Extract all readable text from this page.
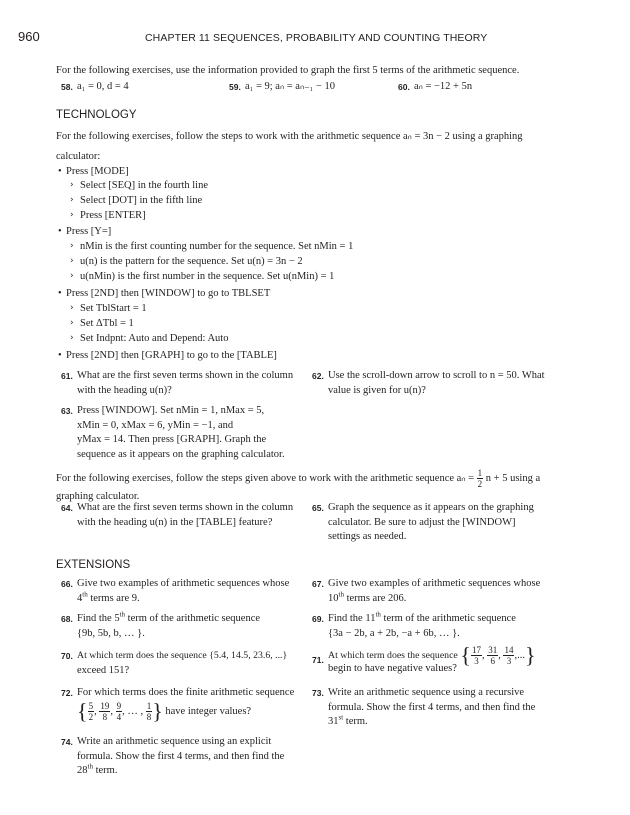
960	CHAPTER 11 SEQUENCES, PROBABILITY AND COUNTING THEORY
For the following exercises, use the information provided to graph the first 5 terms of the arithmetic sequence.
58. a₁ = 0, d = 4	59. a₁ = 9; aₙ = aₙ₋₁ − 10	60. aₙ = −12 + 5n
TECHNOLOGY
For the following exercises, follow the steps to work with the arithmetic sequence aₙ = 3n − 2 using a graphing
calculator:
• Press [MODE]
› Select [SEQ] in the fourth line
› Select [DOT] in the fifth line
› Press [ENTER]
• Press [Y=]
› nMin is the first counting number for the sequence. Set nMin = 1
› u(n) is the pattern for the sequence. Set u(n) = 3n − 2
› u(nMin) is the first number in the sequence. Set u(nMin) = 1
• Press [2ND] then [WINDOW] to go to TBLSET
› Set TblStart = 1
› Set ΔTbl = 1
› Set Indpnt: Auto and Depend: Auto
• Press [2ND] then [GRAPH] to go to the [TABLE]
61. What are the first seven terms shown in the column
with the heading u(n)?
62. Use the scroll-down arrow to scroll to n = 50. What
value is given for u(n)?
63. Press [WINDOW]. Set nMin = 1, nMax = 5,
xMin = 0, xMax = 6, yMin = −1, and
yMax = 14. Then press [GRAPH]. Graph the
sequence as it appears on the graphing calculator.
For the following exercises, follow the steps given above to work with the arithmetic sequence $a_n = \frac{1}{2}$ n + 5 using a
graphing calculator.
64. What are the first seven terms shown in the column
with the heading u(n) in the [TABLE] feature?
65. Graph the sequence as it appears on the graphing
calculator. Be sure to adjust the [WINDOW]
settings as needed.
EXTENSIONS
66. Give two examples of arithmetic sequences whose
4th terms are 9.
67. Give two examples of arithmetic sequences whose
10th terms are 206.
68. Find the 5th term of the arithmetic sequence
{9b, 5b, b, … }.
69. Find the 11th term of the arithmetic sequence
{3a − 2b, a + 2b, −a + 6b, … }.
70. At which term does the sequence {5.4, 14.5, 23.6, ...}
exceed 151?
71. At which term does the sequence { $\frac{17}{3}$ , $\frac{31}{6}$ , $\frac{14}{3}$ ,...}
begin to have negative values?
72. For which terms does the finite arithmetic sequence
{ $\frac{5}{2}$ , $\frac{19}{8}$ , $\frac{9}{4}$ , … , $\frac{1}{8}$ } have integer values?
73. Write an arithmetic sequence using a recursive
formula. Show the first 4 terms, and then find the
31st term.
74. Write an arithmetic sequence using an explicit
formula. Show the first 4 terms, and then find the
28th term.
